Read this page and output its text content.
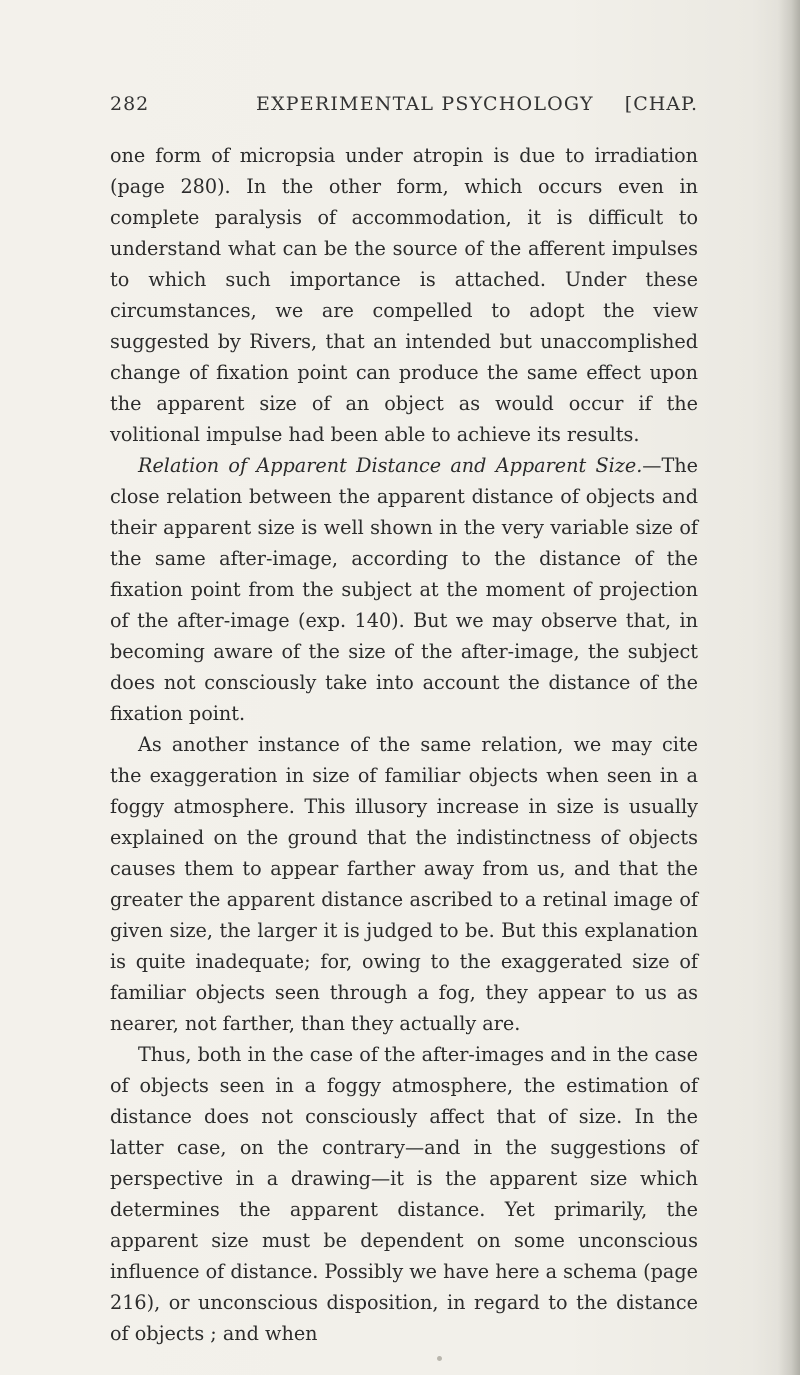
282	EXPERIMENTAL PSYCHOLOGY [CHAP.

one form of micropsia under atropin is due to irradiation (page 280). In the other form, which occurs even in complete paralysis of accommodation, it is difficult to understand what can be the source of the afferent impulses to which such importance is attached. Under these circumstances, we are compelled to adopt the view suggested by Rivers, that an intended but unaccomplished change of fixation point can produce the same effect upon the apparent size of an object as would occur if the volitional impulse had been able to achieve its results.

Relation of Apparent Distance and Apparent Size.—The close relation between the apparent distance of objects and their apparent size is well shown in the very variable size of the same after-image, according to the distance of the fixation point from the subject at the moment of projection of the after-image (exp. 140). But we may observe that, in becoming aware of the size of the after-image, the subject does not consciously take into account the distance of the fixation point.

As another instance of the same relation, we may cite the exaggeration in size of familiar objects when seen in a foggy atmosphere. This illusory increase in size is usually explained on the ground that the indistinctness of objects causes them to appear farther away from us, and that the greater the apparent distance ascribed to a retinal image of given size, the larger it is judged to be. But this explanation is quite inadequate; for, owing to the exaggerated size of familiar objects seen through a fog, they appear to us as nearer, not farther, than they actually are.

Thus, both in the case of the after-images and in the case of objects seen in a foggy atmosphere, the estimation of distance does not consciously affect that of size. In the latter case, on the contrary—and in the suggestions of perspective in a drawing—it is the apparent size which determines the apparent distance. Yet primarily, the apparent size must be dependent on some unconscious influence of distance. Possibly we have here a schema (page 216), or unconscious disposition, in regard to the distance of objects ; and when
